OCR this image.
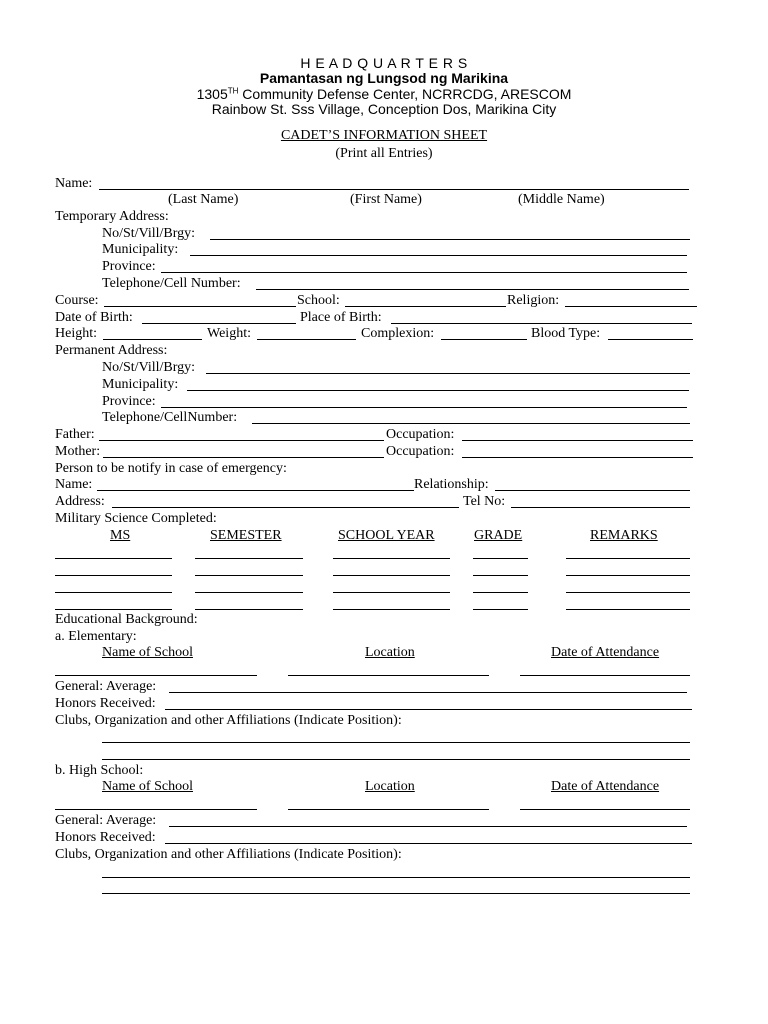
H E A D Q U A R T E R S
Pamantasan ng Lungsod ng Marikina
1305TH Community Defense Center, NCRRCDG, ARESCOM
Rainbow St. Sss Village, Conception Dos, Marikina City
CADET’S INFORMATION SHEET
(Print all Entries)
Name:
(Last Name)	(First Name)	(Middle Name)
Temporary Address:
No/St/Vill/Brgy:
Municipality:
Province:
Telephone/Cell Number:
Course:	School:	Religion:
Date of Birth:	Place of Birth:
Height:	Weight:	Complexion:	Blood Type:
Permanent Address:
No/St/Vill/Brgy:
Municipality:
Province:
Telephone/CellNumber:
Father:	Occupation:
Mother:	Occupation:
Person to be notify in case of emergency:
Name:	Relationship:
Address:	Tel No:
Military Science Completed:
MS	SEMESTER	SCHOOL YEAR	GRADE	REMARKS
Educational Background:
a. Elementary:
Name of School	Location	Date of Attendance
General: Average:
Honors Received:
Clubs, Organization and other Affiliations (Indicate Position):
b. High School:
Name of School	Location	Date of Attendance
General: Average:
Honors Received:
Clubs, Organization and other Affiliations (Indicate Position):
